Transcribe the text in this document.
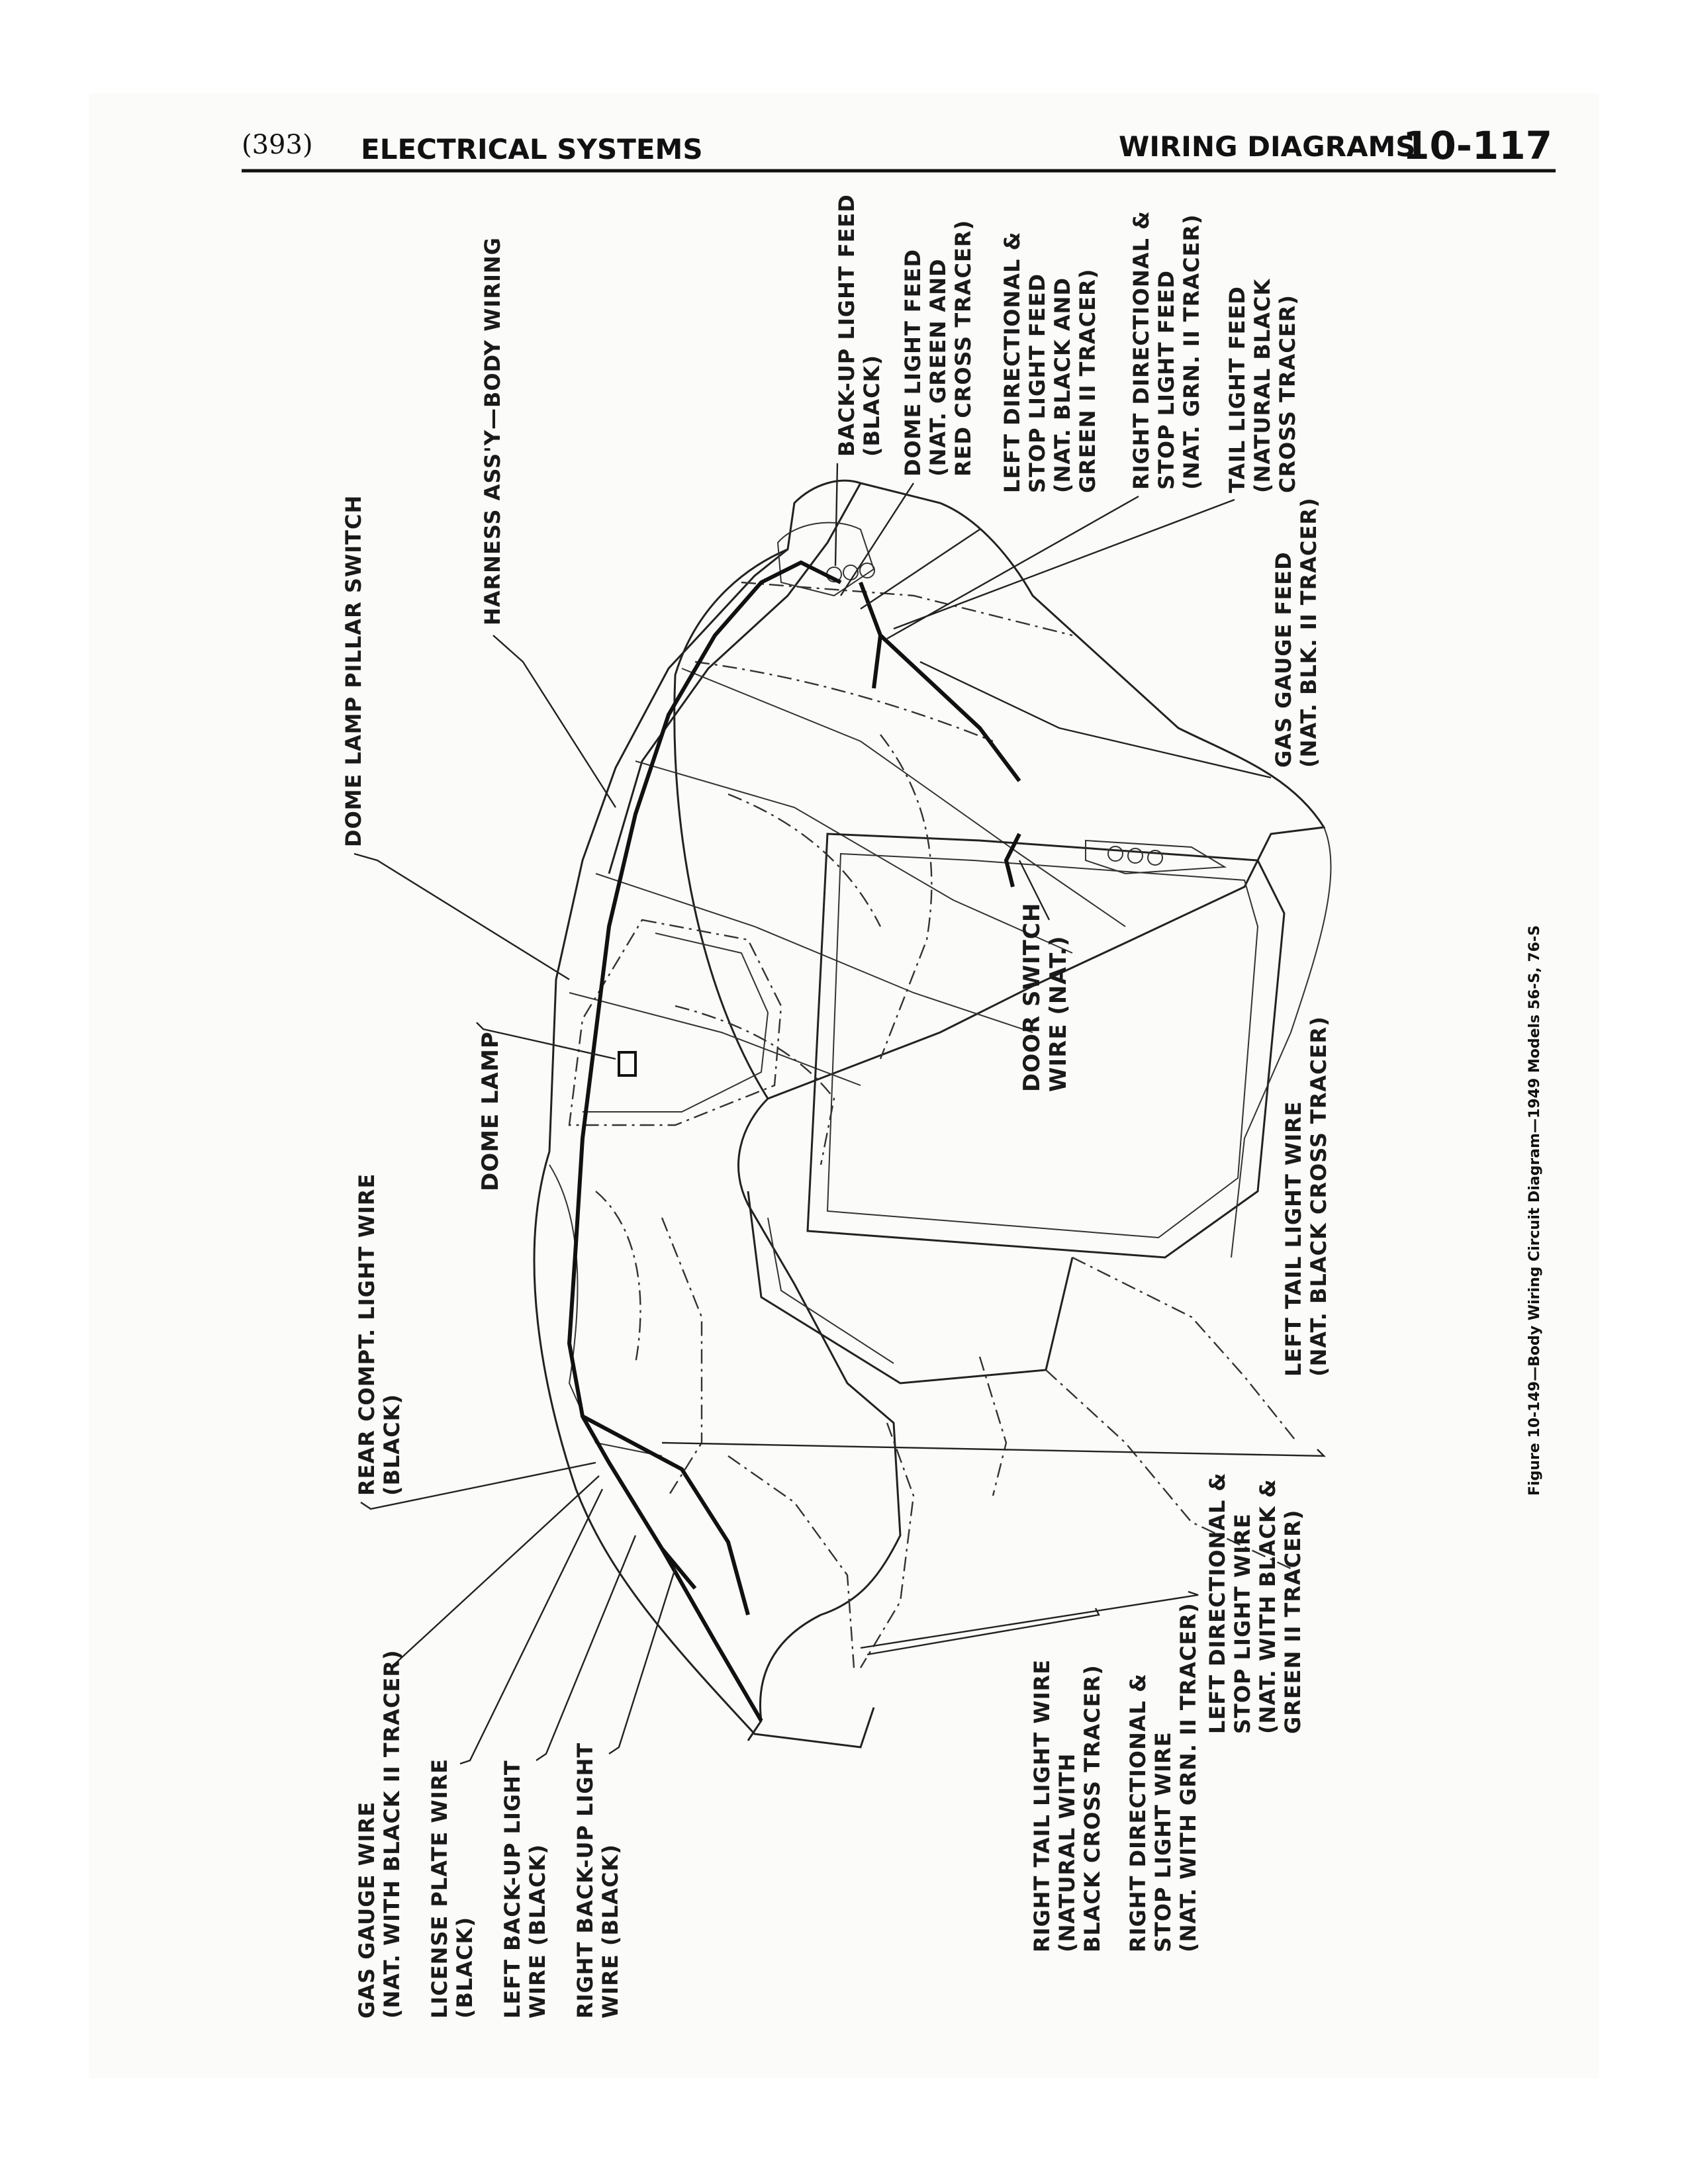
(393) ELECTRICAL SYSTEMS	WIRING DIAGRAMS
10-117
BACK-UP LIGHT FEED(BLACK) DOME LIGHT FEED(NAT. GREEN ANDRED CROSS TRACER) LEFT DIRECTIONAL &STOP LIGHT FEED(NAT. BLACK ANDGREEN II TRACER) RIGHT DIRECTIONAL &STOP LIGHT FEED(NAT. GRN. II TRACER) TAIL LIGHT FEED(NATURAL BLACKCROSS TRACER)
HARNESS ASS'Y—BODY WIRING
DOME LAMP PILLAR SWITCH	GAS GAUGE FEED(NAT. BLK. II TRACER)
DOOR SWITCHWIRE (NAT.)
DOME LAMP	LEFT TAIL LIGHT WIRE(NAT. BLACK CROSS TRACER)
REAR COMPT. LIGHT WIRE(BLACK)
LEFT DIRECTIONAL &STOP LIGHT WIRE(NAT. WITH BLACK &GREEN II TRACER)
RIGHT DIRECTIONAL &STOP LIGHT WIRE(NAT. WITH GRN. II TRACER)
RIGHT TAIL LIGHT WIRE(NATURAL WITHBLACK CROSS TRACER)
GAS GAUGE WIRE(NAT. WITH BLACK II TRACER) LICENSE PLATE WIRE(BLACK) LEFT BACK-UP LIGHTWIRE (BLACK) RIGHT BACK-UP LIGHTWIRE (BLACK)
Figure 10-149—Body Wiring Circuit Diagram—1949 Models 56-S, 76-S
